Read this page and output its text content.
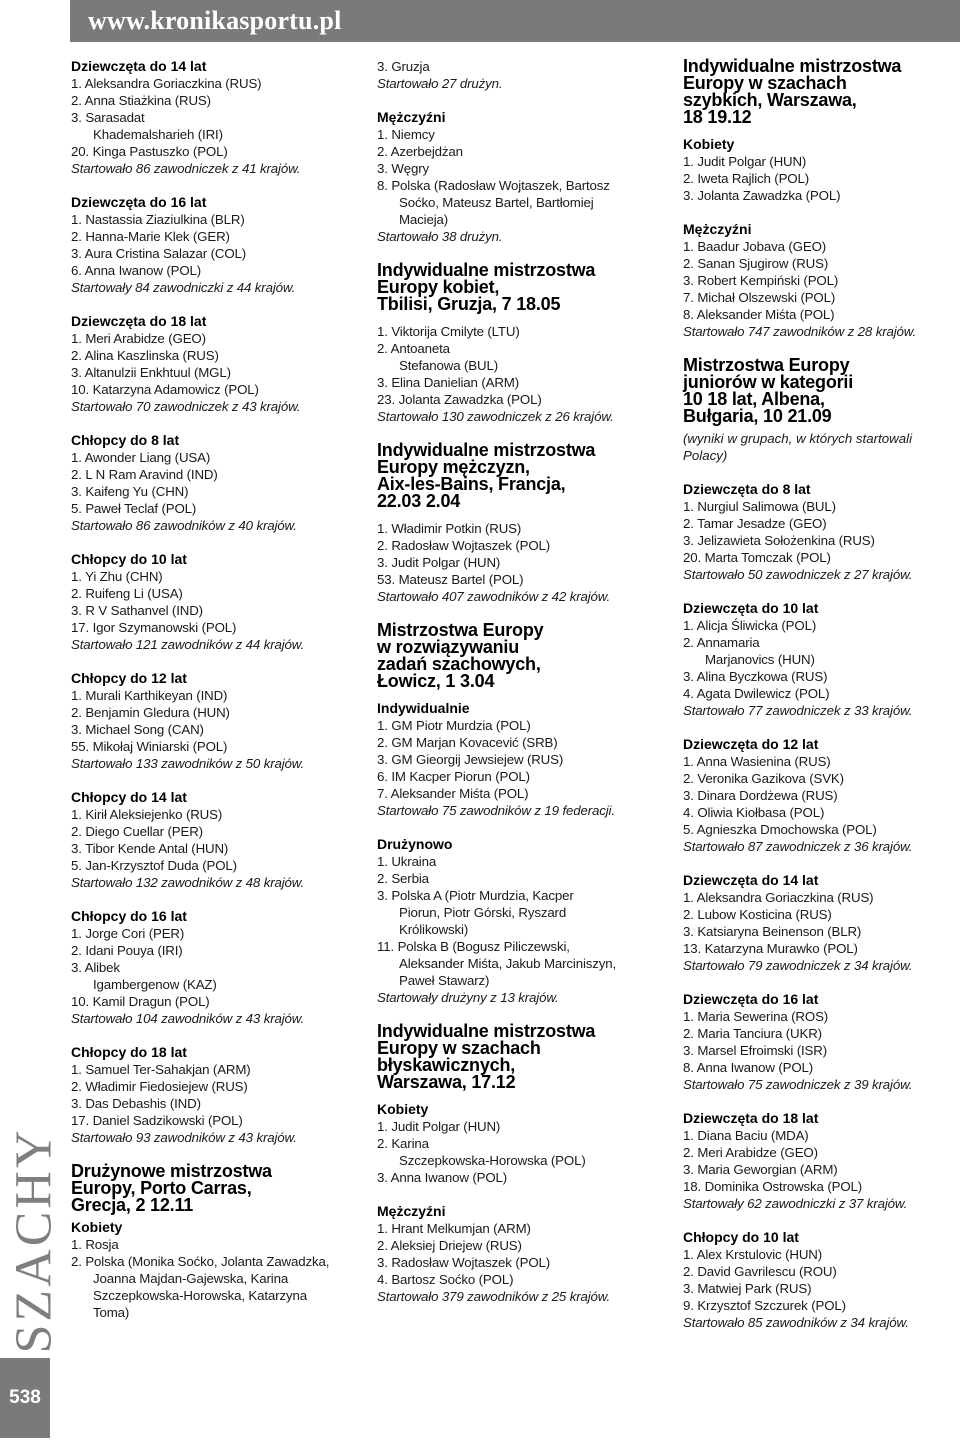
www.kronikasportu.pl
SZACHY
538
Dziewczęta do 14 lat
1. Aleksandra Goriaczkina (RUS)
2. Anna Stiażkina (RUS)
3. Sarasadat
Khademalsharieh (IRI)
20. Kinga Pastuszko (POL)
Startowało 86 zawodniczek z 41 krajów.
Dziewczęta do 16 lat
1. Nastassia Ziaziulkina (BLR)
2. Hanna-Marie Klek (GER)
3. Aura Cristina Salazar (COL)
6. Anna Iwanow (POL)
Startowały 84 zawodniczki z 44 krajów.
Dziewczęta do 18 lat
1. Meri Arabidze (GEO)
2. Alina Kaszlinska (RUS)
3. Altanulzii Enkhtuul (MGL)
10. Katarzyna Adamowicz (POL)
Startowało 70 zawodniczek z 43 krajów.
Chłopcy do 8 lat
1. Awonder Liang (USA)
2. L N Ram Aravind (IND)
3. Kaifeng Yu (CHN)
5. Paweł Teclaf (POL)
Startowało 86 zawodników z 40 krajów.
Chłopcy do 10 lat
1. Yi Zhu (CHN)
2. Ruifeng Li (USA)
3. R V Sathanvel (IND)
17. Igor Szymanowski (POL)
Startowało 121 zawodników z 44 krajów.
Chłopcy do 12 lat
1. Murali Karthikeyan (IND)
2. Benjamin Gledura (HUN)
3. Michael Song (CAN)
55. Mikołaj Winiarski (POL)
Startowało 133 zawodników z 50 krajów.
Chłopcy do 14 lat
1. Kirił Aleksiejenko (RUS)
2. Diego Cuellar (PER)
3. Tibor Kende Antal (HUN)
5. Jan-Krzysztof Duda (POL)
Startowało 132 zawodników z 48 krajów.
Chłopcy do 16 lat
1. Jorge Cori (PER)
2. Idani Pouya (IRI)
3. Alibek
Igambergenow (KAZ)
10. Kamil Dragun (POL)
Startowało 104 zawodników z 43 krajów.
Chłopcy do 18 lat
1. Samuel Ter-Sahakjan (ARM)
2. Władimir Fiedosiejew (RUS)
3. Das Debashis (IND)
17. Daniel Sadzikowski (POL)
Startowało 93 zawodników z 43 krajów.
Drużynowe mistrzostwa
Europy, Porto Carras,
Grecja, 2 12.11
Kobiety
1. Rosja
2. Polska (Monika Soćko, Jolanta Zawadzka,
Joanna Majdan-Gajewska, Karina
Szczepkowska-Horowska, Katarzyna
Toma)
3. Gruzja
Startowało 27 drużyn.
Mężczyźni
1. Niemcy
2. Azerbejdżan
3. Węgry
8. Polska (Radosław Wojtaszek, Bartosz
Soćko, Mateusz Bartel, Bartłomiej
Macieja)
Startowało 38 drużyn.
Indywidualne mistrzostwa
Europy kobiet,
Tbilisi, Gruzja, 7 18.05
1. Viktorija Cmilyte (LTU)
2. Antoaneta
Stefanowa (BUL)
3. Elina Danielian (ARM)
23. Jolanta Zawadzka (POL)
Startowało 130 zawodniczek z 26 krajów.
Indywidualne mistrzostwa
Europy mężczyzn,
Aix-les-Bains, Francja,
22.03 2.04
1. Władimir Potkin (RUS)
2. Radosław Wojtaszek (POL)
3. Judit Polgar (HUN)
53. Mateusz Bartel (POL)
Startowało 407 zawodników z 42 krajów.
Mistrzostwa Europy
w rozwiązywaniu
zadań szachowych,
Łowicz, 1 3.04
Indywidualnie
1. GM Piotr Murdzia (POL)
2. GM Marjan Kovacević (SRB)
3. GM Gieorgij Jewsiejew (RUS)
6. IM Kacper Piorun (POL)
7. Aleksander Miśta (POL)
Startowało 75 zawodników z 19 federacji.
Drużynowo
1. Ukraina
2. Serbia
3. Polska A (Piotr Murdzia, Kacper
Piorun, Piotr Górski, Ryszard
Królikowski)
11. Polska B (Bogusz Piliczewski,
Aleksander Miśta, Jakub Marciniszyn,
Paweł Stawarz)
Startowały drużyny z 13 krajów.
Indywidualne mistrzostwa
Europy w szachach
błyskawicznych,
Warszawa, 17.12
Kobiety
1. Judit Polgar (HUN)
2. Karina
Szczepkowska-Horowska (POL)
3. Anna Iwanow (POL)
Mężczyźni
1. Hrant Melkumjan (ARM)
2. Aleksiej Driejew (RUS)
3. Radosław Wojtaszek (POL)
4. Bartosz Soćko (POL)
Startowało 379 zawodników z 25 krajów.
Indywidualne mistrzostwa
Europy w szachach
szybkich, Warszawa,
18 19.12
Kobiety
1. Judit Polgar (HUN)
2. Iweta Rajlich (POL)
3. Jolanta Zawadzka (POL)
Mężczyźni
1. Baadur Jobava (GEO)
2. Sanan Sjugirow (RUS)
3. Robert Kempiński (POL)
7. Michał Olszewski (POL)
8. Aleksander Miśta (POL)
Startowało 747 zawodników z 28 krajów.
Mistrzostwa Europy
juniorów w kategorii
10 18 lat, Albena,
Bułgaria, 10 21.09
(wyniki w grupach, w których startowali
Polacy)
Dziewczęta do 8 lat
1. Nurgiul Salimowa (BUL)
2. Tamar Jesadze (GEO)
3. Jelizawieta Sołożenkina (RUS)
20. Marta Tomczak (POL)
Startowało 50 zawodniczek z 27 krajów.
Dziewczęta do 10 lat
1. Alicja Śliwicka (POL)
2. Annamaria
Marjanovics (HUN)
3. Alina Byczkowa (RUS)
4. Agata Dwilewicz (POL)
Startowało 77 zawodniczek z 33 krajów.
Dziewczęta do 12 lat
1. Anna Wasienina (RUS)
2. Veronika Gazikova (SVK)
3. Dinara Dordżewa (RUS)
4. Oliwia Kiołbasa (POL)
5. Agnieszka Dmochowska (POL)
Startowało 87 zawodniczek z 36 krajów.
Dziewczęta do 14 lat
1. Aleksandra Goriaczkina (RUS)
2. Lubow Kosticina (RUS)
3. Katsiaryna Beinenson (BLR)
13. Katarzyna Murawko (POL)
Startowało 79 zawodniczek z 34 krajów.
Dziewczęta do 16 lat
1. Maria Sewerina (ROS)
2. Maria Tanciura (UKR)
3. Marsel Efroimski (ISR)
8. Anna Iwanow (POL)
Startowało 75 zawodniczek z 39 krajów.
Dziewczęta do 18 lat
1. Diana Baciu (MDA)
2. Meri Arabidze (GEO)
3. Maria Geworgian (ARM)
18. Dominika Ostrowska (POL)
Startowały 62 zawodniczki z 37 krajów.
Chłopcy do 10 lat
1. Alex Krstulovic (HUN)
2. David Gavrilescu (ROU)
3. Matwiej Park (RUS)
9. Krzysztof Szczurek (POL)
Startowało 85 zawodników z 34 krajów.
